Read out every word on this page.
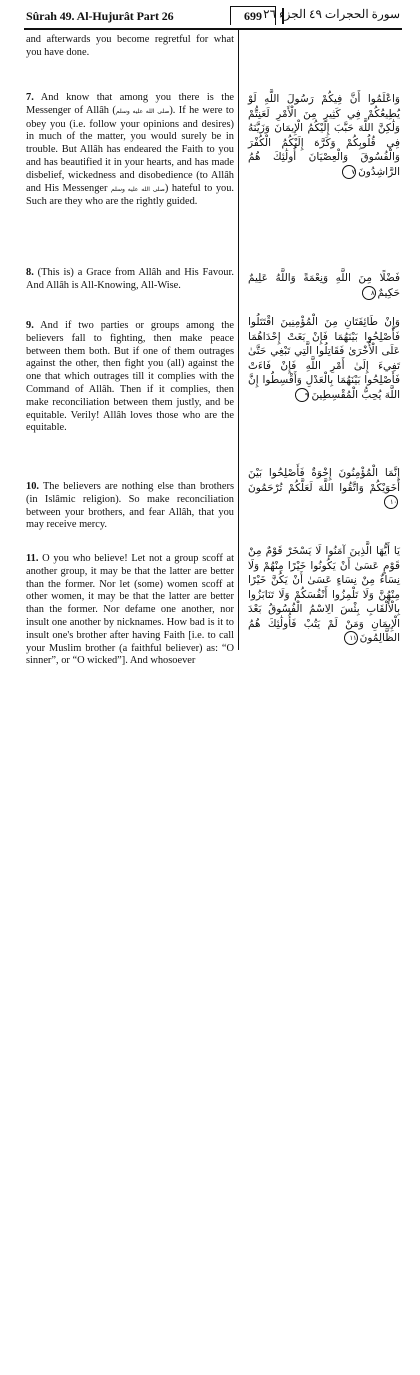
Sûrah 49. Al-Hujurât Part 26	699 سورة الحجرات ٤٩ الجزء ٢٦
and afterwards you become regretful for what you have done.
7. And know that among you there is the Messenger of Allâh (صلى الله عليه وسلم). If he were to obey you (i.e. follow your opinions and desires) in much of the matter, you would surely be in trouble. But Allâh has endeared the Faith to you and has beautified it in your hearts, and has made disbelief, wickedness and disobedience (to Allâh and His Messenger صلى الله عليه وسلم) hateful to you. Such are they who are the rightly guided.
8. (This is) a Grace from Allâh and His Favour. And Allâh is All-Knowing, All-Wise.
9. And if two parties or groups among the believers fall to fighting, then make peace between them both. But if one of them outrages against the other, then fight you (all) against the one that which outrages till it complies with the Command of Allâh. Then if it complies, then make reconciliation between them justly, and be equitable. Verily! Allâh loves those who are the equitable.
10. The believers are nothing else than brothers (in Islâmic religion). So make reconciliation between your brothers, and fear Allâh, that you may receive mercy.
11. O you who believe! Let not a group scoff at another group, it may be that the latter are better than the former. Nor let (some) women scoff at other women, it may be that the latter are better than the former. Nor defame one another, nor insult one another by nicknames. How bad is it to insult one's brother after having Faith [i.e. to call your Muslim brother (a faithful believer) as: “O sinner”, or “O wicked”]. And whosoever
وَاعْلَمُوا أَنَّ فِيكُمْ رَسُولَ اللَّهِ لَوْ يُطِيعُكُمْ فِي كَثِيرٍ مِنَ الْأَمْرِ لَعَنِتُّمْ وَلَٰكِنَّ اللَّهَ حَبَّبَ إِلَيْكُمُ الْإِيمَانَ وَزَيَّنَهُ فِي قُلُوبِكُمْ وَكَرَّهَ إِلَيْكُمُ الْكُفْرَ وَالْفُسُوقَ وَالْعِصْيَانَ أُولَٰئِكَ هُمُ الرَّاشِدُونَ٧
فَضْلًا مِنَ اللَّهِ وَنِعْمَةً وَاللَّهُ عَلِيمٌ حَكِيمٌ٨
وَإِنْ طَائِفَتَانِ مِنَ الْمُؤْمِنِينَ اقْتَتَلُوا فَأَصْلِحُوا بَيْنَهُمَا فَإِنْ بَغَتْ إِحْدَاهُمَا عَلَى الْأُخْرَىٰ فَقَاتِلُوا الَّتِي تَبْغِي حَتَّىٰ تَفِيءَ إِلَىٰ أَمْرِ اللَّهِ فَإِنْ فَاءَتْ فَأَصْلِحُوا بَيْنَهُمَا بِالْعَدْلِ وَأَقْسِطُوا إِنَّ اللَّهَ يُحِبُّ الْمُقْسِطِينَ٩
إِنَّمَا الْمُؤْمِنُونَ إِخْوَةٌ فَأَصْلِحُوا بَيْنَ أَخَوَيْكُمْ وَاتَّقُوا اللَّهَ لَعَلَّكُمْ تُرْحَمُونَ١٠
يَا أَيُّهَا الَّذِينَ آمَنُوا لَا يَسْخَرْ قَوْمٌ مِنْ قَوْمٍ عَسَىٰ أَنْ يَكُونُوا خَيْرًا مِنْهُمْ وَلَا نِسَاءٌ مِنْ نِسَاءٍ عَسَىٰ أَنْ يَكُنَّ خَيْرًا مِنْهُنَّ وَلَا تَلْمِزُوا أَنْفُسَكُمْ وَلَا تَنَابَزُوا بِالْأَلْقَابِ بِئْسَ الِاسْمُ الْفُسُوقُ بَعْدَ الْإِيمَانِ وَمَنْ لَمْ يَتُبْ فَأُولَٰئِكَ هُمُ الظَّالِمُونَ١١
